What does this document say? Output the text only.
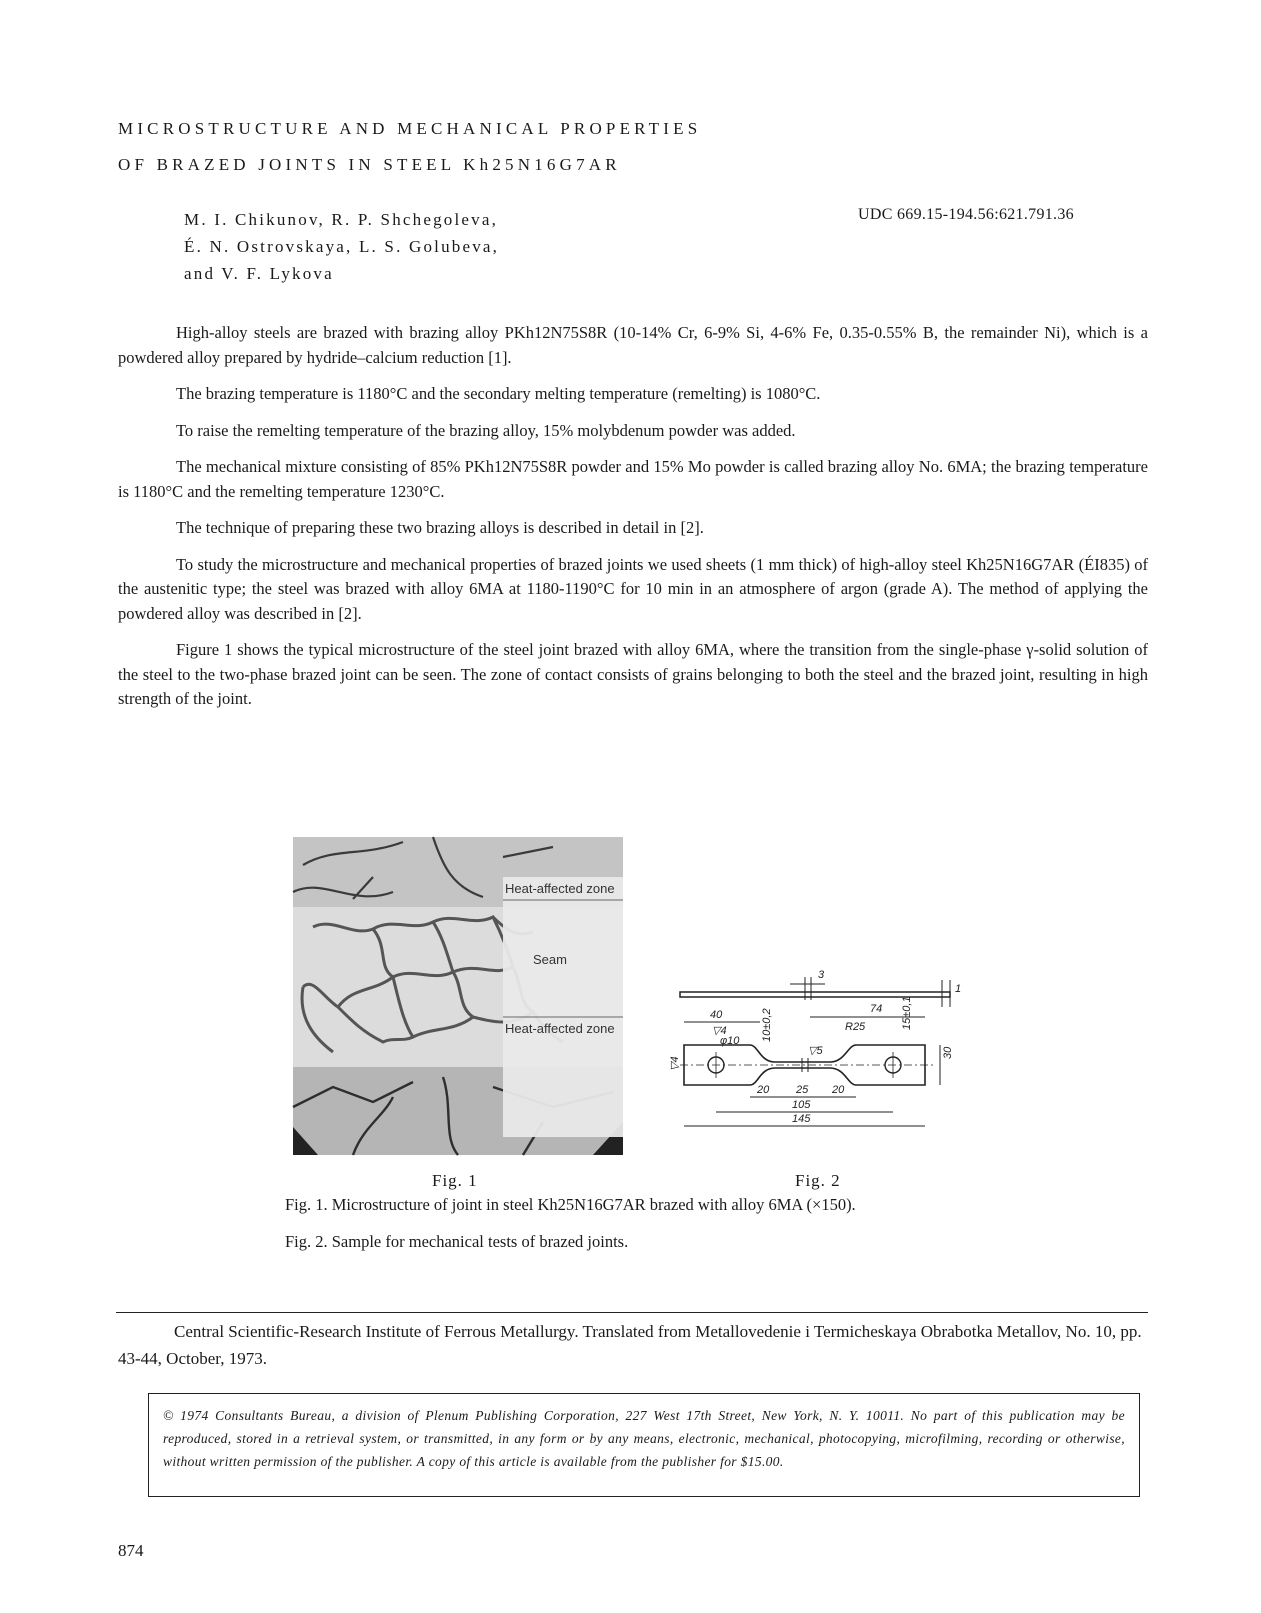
MICROSTRUCTURE AND MECHANICAL PROPERTIES
OF BRAZED JOINTS IN STEEL Kh25N16G7AR
M. I. Chikunov, R. P. Shchegoleva,
É. N. Ostrovskaya, L. S. Golubeva,
and V. F. Lykova
UDC 669.15-194.56:621.791.36

High-alloy steels are brazed with brazing alloy PKh12N75S8R (10-14% Cr, 6-9% Si, 4-6% Fe, 0.35-0.55% B, the remainder Ni), which is a powdered alloy prepared by hydride–calcium reduction [1].

The brazing temperature is 1180°C and the secondary melting temperature (remelting) is 1080°C.

To raise the remelting temperature of the brazing alloy, 15% molybdenum powder was added.

The mechanical mixture consisting of 85% PKh12N75S8R powder and 15% Mo powder is called brazing alloy No. 6MA; the brazing temperature is 1180°C and the remelting temperature 1230°C.

The technique of preparing these two brazing alloys is described in detail in [2].

To study the microstructure and mechanical properties of brazed joints we used sheets (1 mm thick) of high-alloy steel Kh25N16G7AR (ÉI835) of the austenitic type; the steel was brazed with alloy 6MA at 1180-1190°C for 10 min in an atmosphere of argon (grade A). The method of applying the powdered alloy was described in [2].

Figure 1 shows the typical microstructure of the steel joint brazed with alloy 6MA, where the transition from the single-phase γ-solid solution of the steel to the two-phase brazed joint can be seen. The zone of contact consists of grains belonging to both the steel and the brazed joint, resulting in high strength of the joint.

Heat-affected zone
Seam
Heat-affected zone
3
1
74
40
R25
φ10
▽4
▽4
▽5
10±0,2	15±0,1
30
20 25 20
105
145
Fig. 1	Fig. 2

Fig. 1. Microstructure of joint in steel Kh25N16G7AR brazed with alloy 6MA (×150).

Fig. 2. Sample for mechanical tests of brazed joints.

Central Scientific-Research Institute of Ferrous Metallurgy. Translated from Metallovedenie i Termicheskaya Obrabotka Metallov, No. 10, pp. 43-44, October, 1973.
© 1974 Consultants Bureau, a division of Plenum Publishing Corporation, 227 West 17th Street, New York, N. Y. 10011. No part of this publication may be reproduced, stored in a retrieval system, or transmitted, in any form or by any means, electronic, mechanical, photocopying, microfilming, recording or otherwise, without written permission of the publisher. A copy of this article is available from the publisher for $15.00.
874
